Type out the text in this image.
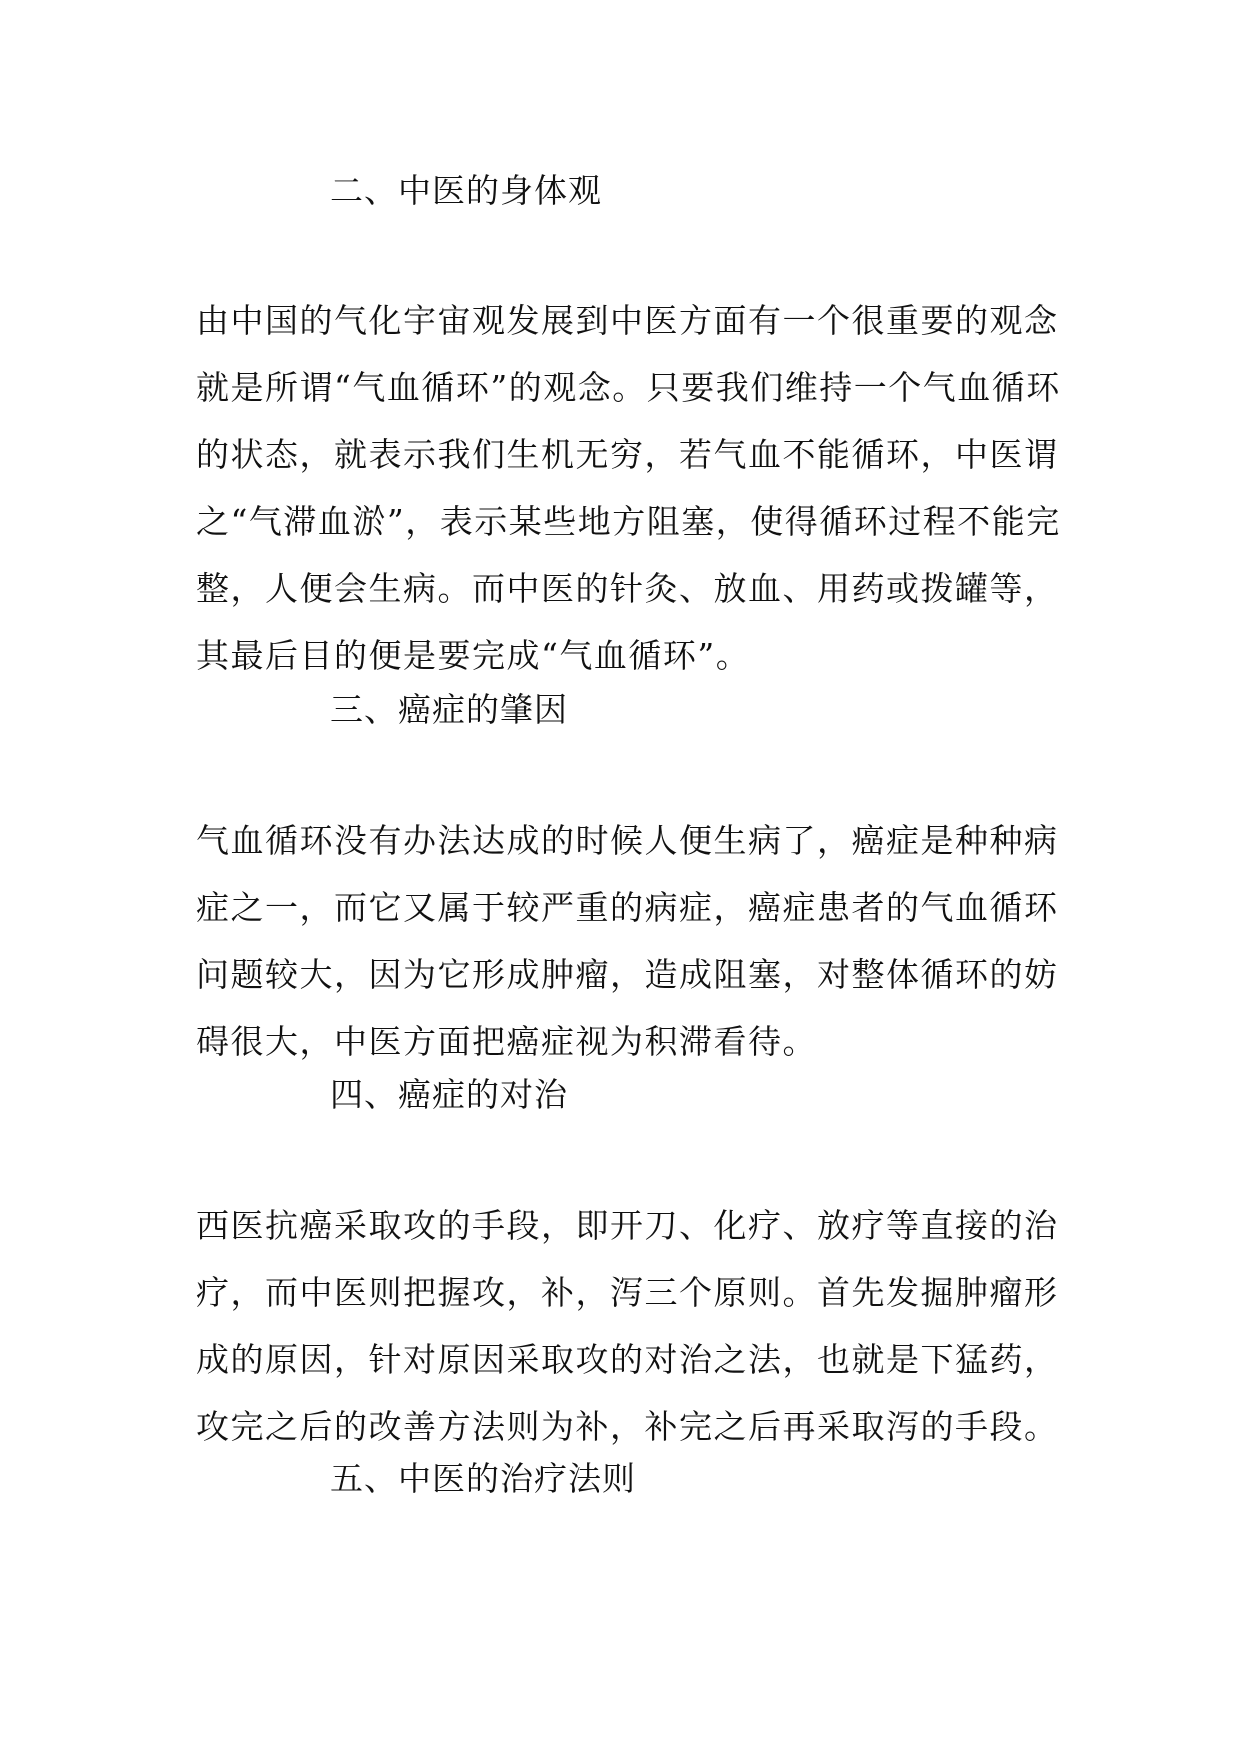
二、中医的身体观
由中国的气化宇宙观发展到中医方面有一个很重要的观念
就是所谓“气血循环”的观念。只要我们维持一个气血循环
的状态，就表示我们生机无穷，若气血不能循环，中医谓
之“气滞血淤”，表示某些地方阻塞，使得循环过程不能完
整，人便会生病。而中医的针灸、放血、用药或拨罐等，
其最后目的便是要完成“气血循环”。
三、癌症的肇因
气血循环没有办法达成的时候人便生病了，癌症是种种病
症之一，而它又属于较严重的病症，癌症患者的气血循环
问题较大，因为它形成肿瘤，造成阻塞，对整体循环的妨
碍很大，中医方面把癌症视为积滞看待。
四、癌症的对治
西医抗癌采取攻的手段，即开刀、化疗、放疗等直接的治
疗，而中医则把握攻，补，泻三个原则。首先发掘肿瘤形
成的原因，针对原因采取攻的对治之法，也就是下猛药，
攻完之后的改善方法则为补，补完之后再采取泻的手段。
五、中医的治疗法则
